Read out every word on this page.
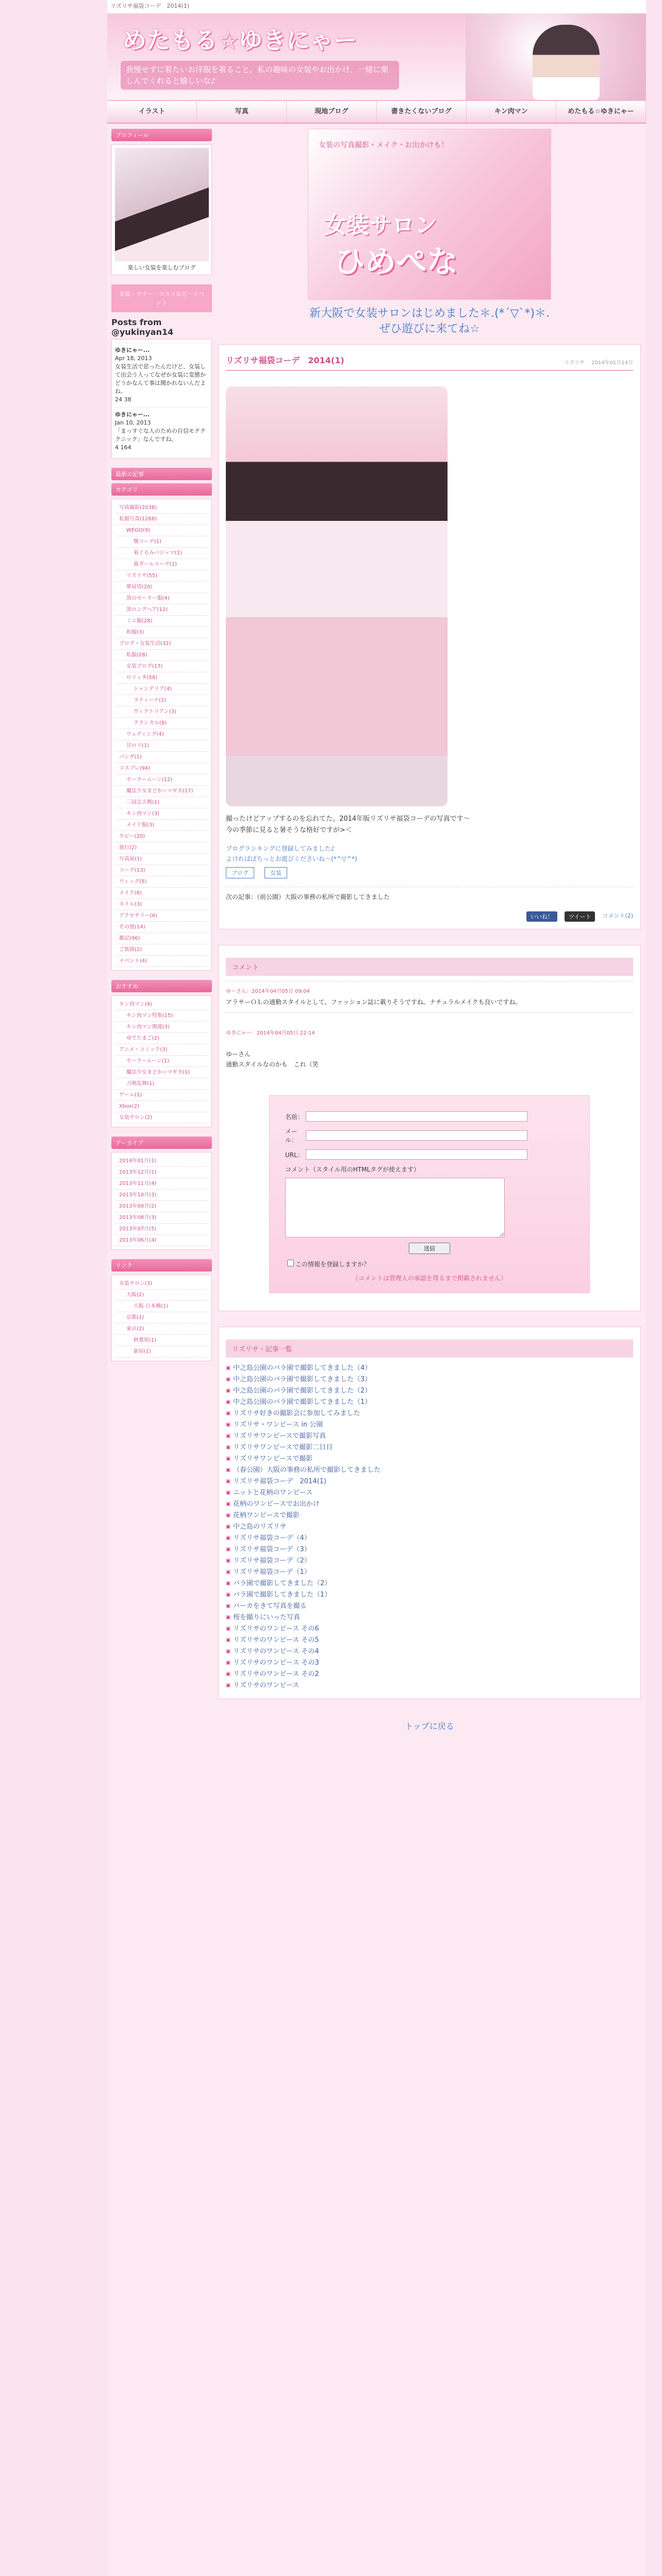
リズリサ福袋コーデ　2014(1)
めたもる☆ゆきにゃー
我慢せずに着たいお洋服を着ること。私の趣味の女装やお出かけ、一緒に楽しんでくれると嬉しいな♪
イラスト	写真	現地ブログ	書きたくないブログ	キン肉マン	めたもる☆ゆきにゃー
プロフィール
楽しい女装を楽しむブログ
女装・マナー・コスメなど・イベント
Posts from @yukinyan14
ゆきにゃー...
Apr 18, 2013
女装生活で思ったんだけど、女装して出会う人ってなぜか女装に変態かどうかなんて事は聞かれないんだよね。
24 38
ゆきにゃー...
Jan 10, 2013
「まっすぐな人のための自信モテテクニック」なんですね。
4 164
最新の記事
カテゴリ
写真撮影(2038)
私服写真(1268)
WEGO(9)
懐コーデ(1)
着ぐるみパジャマ(1)
森ガールコーデ(1)
リズリサ(55)
夢展望(20)
黒のセーラー服(4)
黒ロングヘア(12)
ミニ服(28)
和服(3)
ブログ・女装生活(32)
私服(28)
女装ブログ(17)
ロリィタ(58)
シャンデリア(4)
ラティーナ(2)
ヴィクトリアン(3)
クラシカル(8)
ウェディング(4)
甘ロリ(1)
パンダ(1)
コスプレ(94)
セーラームーン(12)
魔法少女まどか☆マギカ(17)
三国志大戦(1)
キン肉マン(3)
メイド服(3)
ホビー(20)
旅行(2)
写真展(1)
コーデ(13)
ウィッグ(5)
メイク(8)
ネイル(3)
アクセサリー(6)
その他(14)
雑記(96)
ご挨拶(2)
イベント(4)
おすすめ
キン肉マン(4)
キン肉マン特集(15)
キン肉マン関連(3)
ゆでたまご(2)
アニメ・コミック(3)
セーラームーン(1)
魔法少女まどか☆マギカ(1)
刀剣乱舞(1)
ゲーム(1)
Xbox(2)
女装サロン(2)
アーカイブ
2014年01月(1)
2013年12月(1)
2013年11月(4)
2013年10月(3)
2013年09月(2)
2013年08月(3)
2013年07月(5)
2013年06月(4)
リンク
女装サロン(3)
大阪(2)
大阪 日本橋(1)
京都(1)
東京(2)
秋葉原(1)
新宿(1)
女装の写真撮影・メイク・お出かけも！
女装サロン
ひめぺな
新大阪で女装サロンはじめました＊.(*´▽`*)＊.
ぜひ遊びに来てね☆
リズリサ福袋コーデ　2014(1)	リズリサ　 2014年01月14日
撮ったけどアップするのを忘れてた。2014年版リズリサ福袋コーデの写真です〜
今の季節に見ると暑そうな格好ですが>＜
ブログランキングに登録してみました♪
よければぽちっとお遊びくださいね〜(*^▽^*)
ブログ	女装
次の記事：（前公園）大阪の事務の私所で撮影してきました
いいね！	ツイート	コメント(2)
コメント
ゆーさん：2014年04月05日 09:04
アラサーＯＬの通勤スタイルとして、ファッション誌に載りそうですね。ナチュラルメイクも良いですね。

ゆきにゃー：2014年04月05日 22:14

ゆーさん
通勤スタイルなのかも　これ（笑

名前：
メール：
URL：
コメント（スタイル用のHTMLタグが使えます）
送信
この情報を登録しますか？
（コメントは管理人の承認を得るまで掲載されません）
リズリサ・記事一覧
▣ 中之島公園のバラ園で撮影してきました（4）
▣ 中之島公園のバラ園で撮影してきました（3）
▣ 中之島公園のバラ園で撮影してきました（2）
▣ 中之島公園のバラ園で撮影してきました（1）
▣ リズリサ好きの撮影会に参加してみました
▣ リズリサ・ワンピース in 公園
▣ リズリサワンピースで撮影写真
▣ リズリサワンピースで撮影二日目
▣ リズリサワンピースで撮影
▣ （春公園）大阪の事務の私所で撮影してきました
▣ リズリサ福袋コーデ　2014(1)
▣ ニットと花柄のワンピース
▣ 花柄のワンピースでお出かけ
▣ 花柄ワンピースで撮影
▣ 中之島のリズリサ
▣ リズリサ福袋コーデ（4）
▣ リズリサ福袋コーデ（3）
▣ リズリサ福袋コーデ（2）
▣ リズリサ福袋コーデ（1）
▣ バラ園で撮影してきました（2）
▣ バラ園で撮影してきました（1）
▣ パーカをきて写真を撮る
▣ 桜を撮りにいった写真
▣ リズリサのワンピース その6
▣ リズリサのワンピース その5
▣ リズリサのワンピース その4
▣ リズリサのワンピース その3
▣ リズリサのワンピース その2
▣ リズリサのワンピース
トップに戻る
